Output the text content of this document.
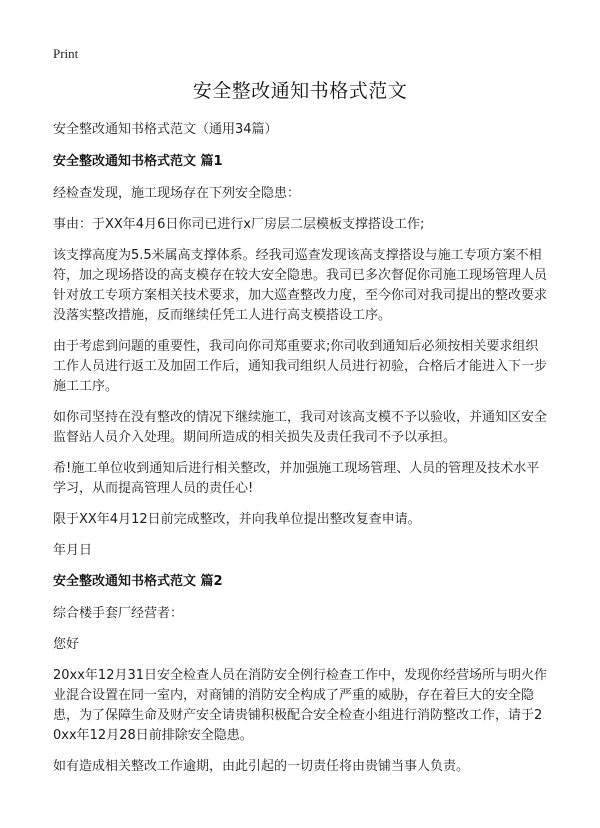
Print
安全整改通知书格式范文

安全整改通知书格式范文（通用34篇）

安全整改通知书格式范文 篇1

经检查发现，施工现场存在下列安全隐患：

事由：于XX年4月6日你司已进行x厂房层二层模板支撑搭设工作;

该支撑高度为5.5米属高支撑体系。经我司巡查发现该高支撑搭设与施工专项方案不相符，加之现场搭设的高支模存在较大安全隐患。我司已多次督促你司施工现场管理人员针对放工专项方案相关技术要求，加大巡查整改力度，至今你司对我司提出的整改要求没落实整改措施，反而继续任凭工人进行高支模搭设工序。

由于考虑到问题的重要性，我司向你司郑重要求;你司收到通知后必须按相关要求组织工作人员进行返工及加固工作后，通知我司组织人员进行初验，合格后才能进入下一步施工工序。

如你司坚持在没有整改的情况下继续施工，我司对该高支模不予以验收，并通知区安全监督站人员介入处理。期间所造成的相关损失及责任我司不予以承担。

希!施工单位收到通知后进行相关整改，并加强施工现场管理、人员的管理及技术水平学习，从而提高管理人员的责任心!

限于XX年4月12日前完成整改，并向我单位提出整改复查申请。

年月日

安全整改通知书格式范文 篇2

综合楼手套厂经营者：

您好

20xx年12月31日安全检查人员在消防安全例行检查工作中，发现你经营场所与明火作业混合设置在同一室内，对商铺的消防安全构成了严重的威胁，存在着巨大的安全隐患，为了保障生命及财产安全请贵铺积极配合安全检查小组进行消防整改工作，请于20xx年12月28日前排除安全隐患。

如有造成相关整改工作逾期，由此引起的一切责任将由贵铺当事人负责。
